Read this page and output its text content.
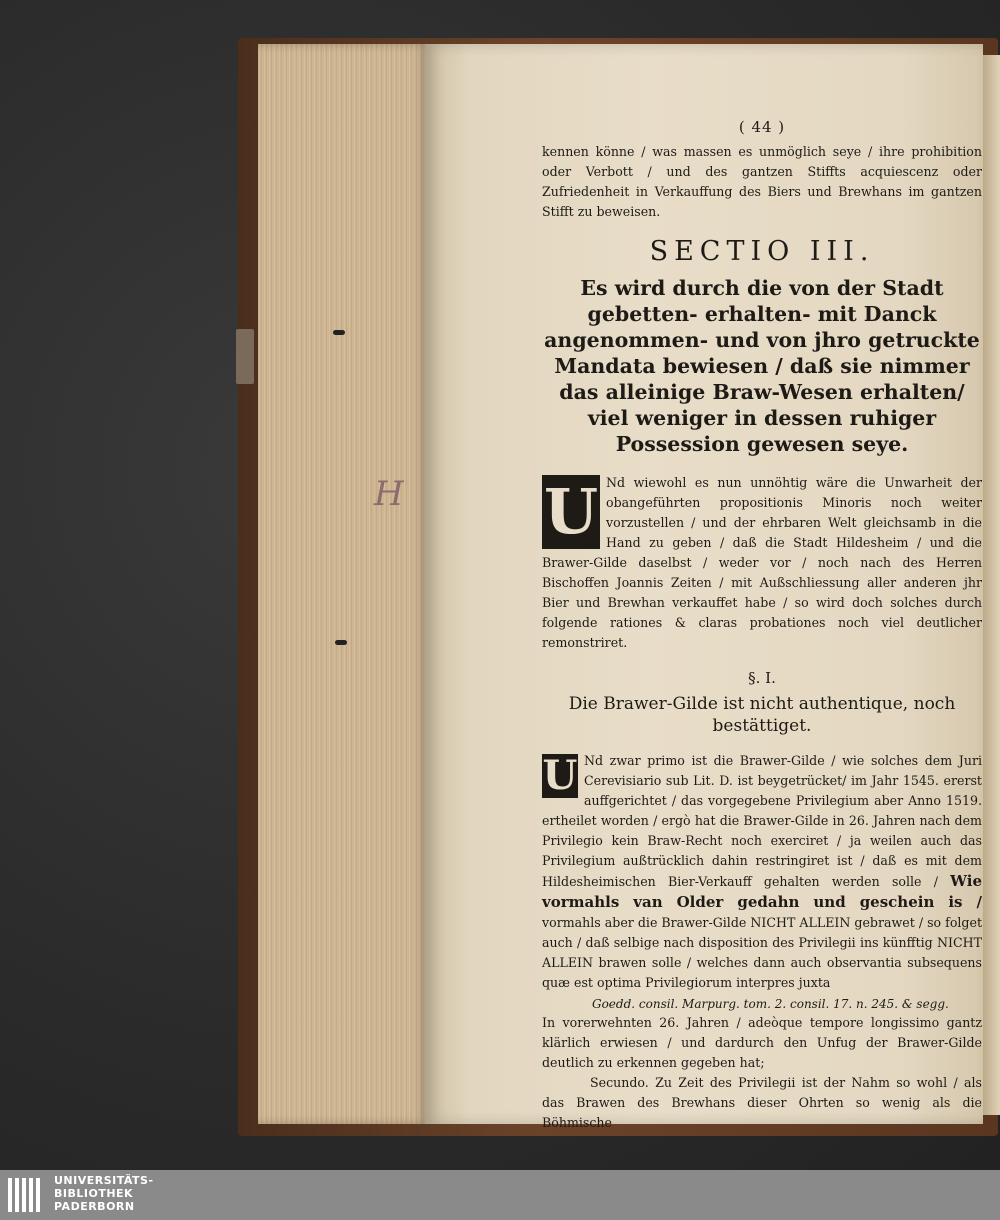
H
( 44 )

kennen könne / was massen es unmöglich seye / ihre prohibition oder Verbott / und des gantzen Stiffts acquiescenz oder Zufriedenheit in Verkauffung des Biers und Brewhans im gantzen Stifft zu beweisen.

SECTIO III.
Es wird durch die von der Stadt gebetten- erhalten- mit Danck angenommen- und von jhro getruckte Mandata bewiesen / daß sie nimmer das alleinige Braw-Wesen erhalten/ viel weniger in dessen ruhiger Possession gewesen seye.
U Nd wiewohl es nun unnöhtig wäre die Unwarheit der obangeführten propositionis Minoris noch weiter vorzustellen / und der ehrbaren Welt gleichsamb in die Hand zu geben / daß die Stadt Hildesheim / und die Brawer-Gilde daselbst / weder vor / noch nach des Herren Bischoffen Joannis Zeiten / mit Außschliessung aller anderen jhr Bier und Brewhan verkauffet habe / so wird doch solches durch folgende rationes & claras probationes noch viel deutlicher remonstriret.

§. I.
Die Brawer-Gilde ist nicht authentique, noch bestättiget.
U Nd zwar primo ist die Brawer-Gilde / wie solches dem Juri Cerevisiario sub Lit. D. ist beygetrücket/ im Jahr 1545. ererst auffgerichtet / das vorgegebene Privilegium aber Anno 1519. ertheilet worden / ergò hat die Brawer-Gilde in 26. Jahren nach dem Privilegio kein Braw-Recht noch exerciret / ja weilen auch das Privilegium außtrücklich dahin restringiret ist / daß es mit dem Hildesheimischen Bier-Verkauff gehalten werden solle / Wie vormahls van Older gedahn und geschein is / vormahls aber die Brawer-Gilde NICHT ALLEIN gebrawet / so folget auch / daß selbige nach disposition des Privilegii ins künfftig NICHT ALLEIN brawen solle / welches dann auch observantia subsequens quæ est optima Privilegiorum interpres juxta

Goedd. consil. Marpurg. tom. 2. consil. 17. n. 245. & segg.

In vorerwehnten 26. Jahren / adeòque tempore longissimo gantz klärlich erwiesen / und dardurch den Unfug der Brawer-Gilde deutlich zu erkennen gegeben hat;

Secundo. Zu Zeit des Privilegii ist der Nahm so wohl / als das Brawen des Brewhans dieser Ohrten so wenig als die Böhmische

UNIVERSITÄTS-
BIBLIOTHEK
PADERBORN
